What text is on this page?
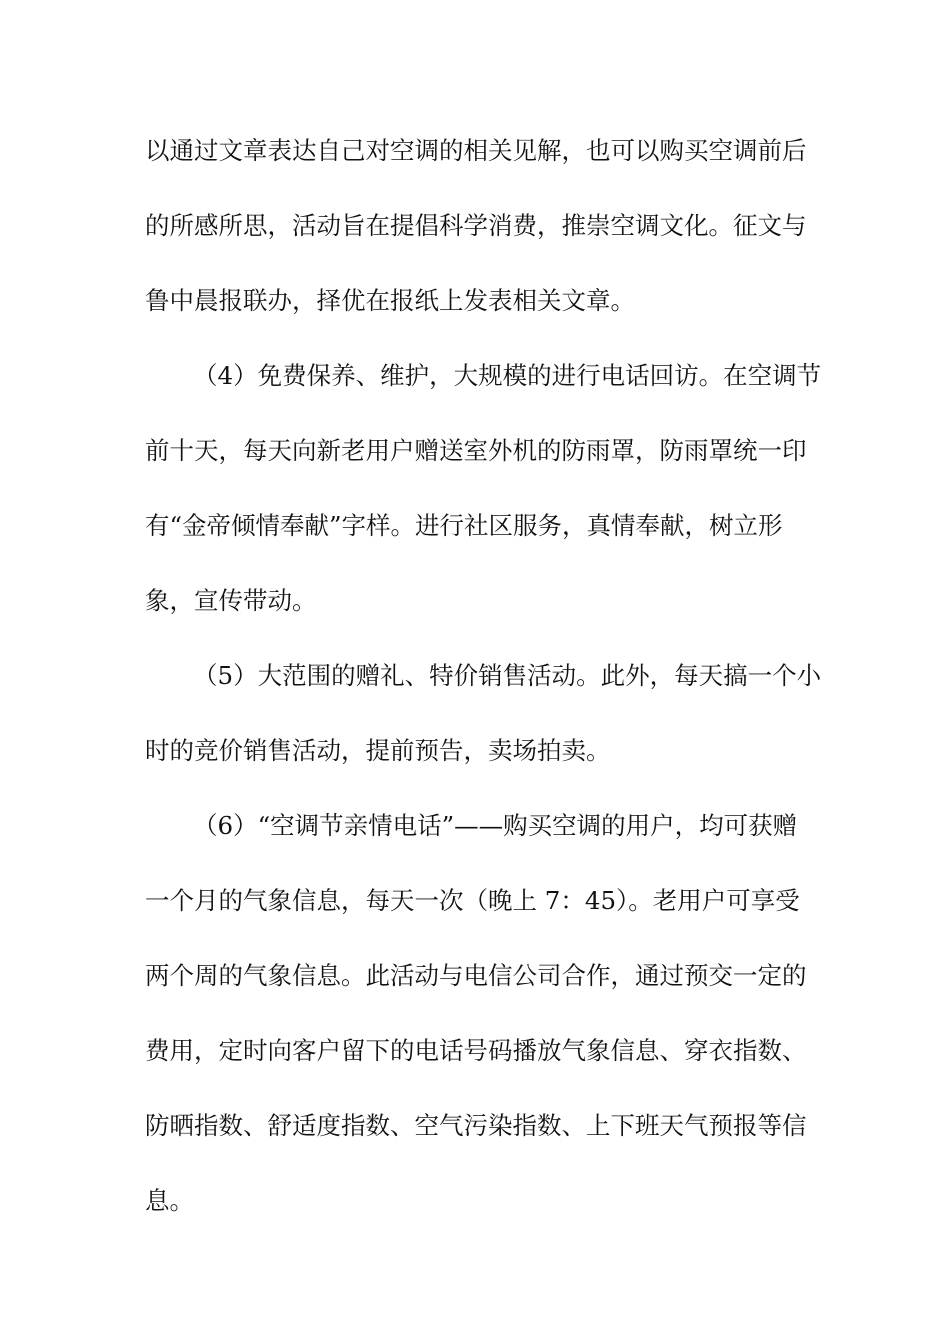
以通过文章表达自己对空调的相关见解，也可以购买空调前后
的所感所思，活动旨在提倡科学消费，推崇空调文化。征文与
鲁中晨报联办，择优在报纸上发表相关文章。
（4）免费保养、维护，大规模的进行电话回访。在空调节
前十天，每天向新老用户赠送室外机的防雨罩，防雨罩统一印
有“金帝倾情奉献”字样。进行社区服务，真情奉献，树立形
象，宣传带动。
（5）大范围的赠礼、特价销售活动。此外，每天搞一个小
时的竞价销售活动，提前预告，卖场拍卖。
（6）“空调节亲情电话”——购买空调的用户，均可获赠
一个月的气象信息，每天一次（晚上 7：45）。老用户可享受
两个周的气象信息。此活动与电信公司合作，通过预交一定的
费用，定时向客户留下的电话号码播放气象信息、穿衣指数、
防晒指数、舒适度指数、空气污染指数、上下班天气预报等信
息。
